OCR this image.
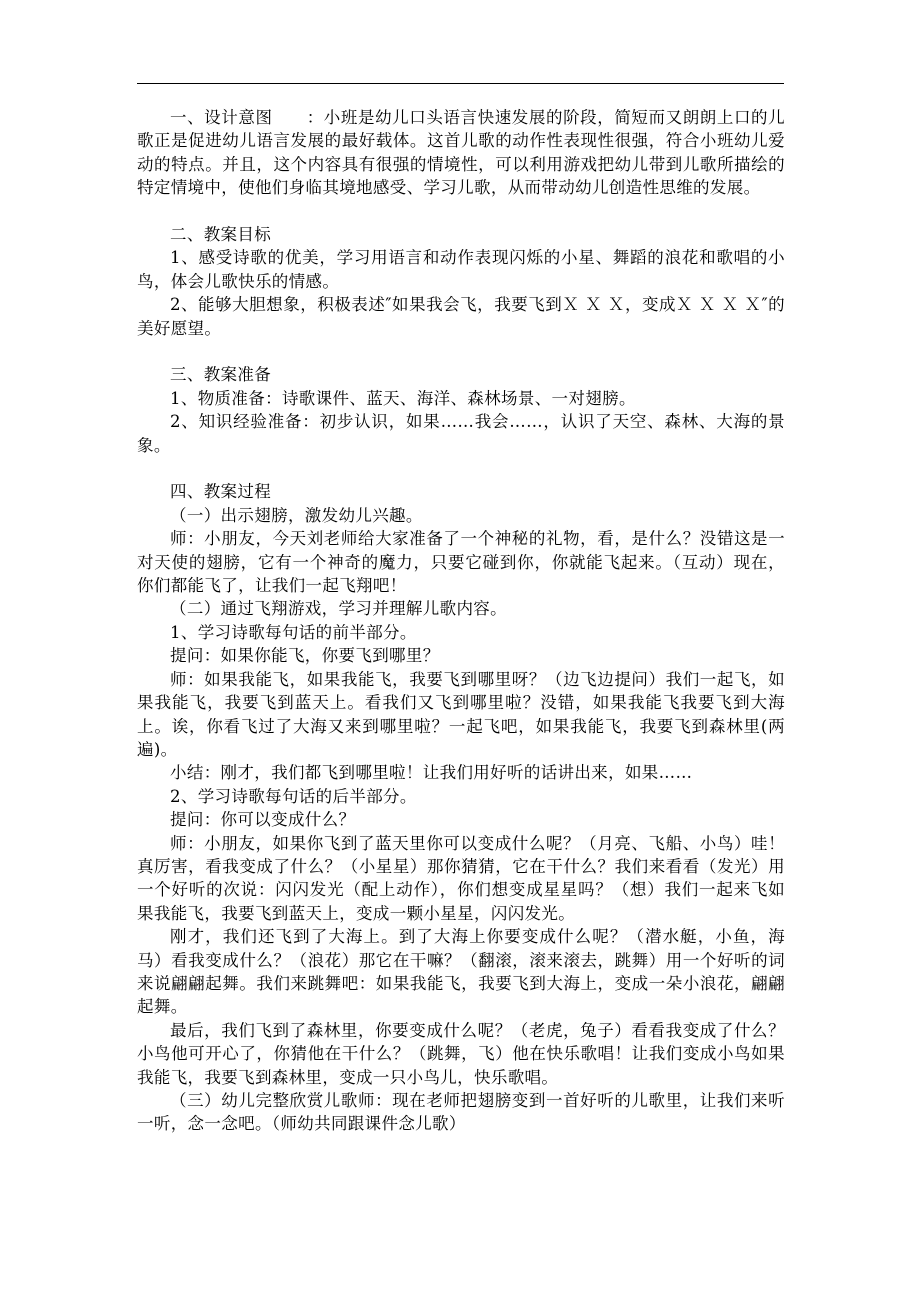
一、设计意图　　：小班是幼儿口头语言快速发展的阶段，简短而又朗朗上口的儿歌正是促进幼儿语言发展的最好载体。这首儿歌的动作性表现性很强，符合小班幼儿爱动的特点。并且，这个内容具有很强的情境性，可以利用游戏把幼儿带到儿歌所描绘的特定情境中，使他们身临其境地感受、学习儿歌，从而带动幼儿创造性思维的发展。

二、教案目标

1、感受诗歌的优美，学习用语言和动作表现闪烁的小星、舞蹈的浪花和歌唱的小鸟，体会儿歌快乐的情感。

2、能够大胆想象，积极表述″如果我会飞，我要飞到Ｘ Ｘ Ｘ，变成Ｘ Ｘ Ｘ Ｘ″的美好愿望。

三、教案准备

1、物质准备：诗歌课件、蓝天、海洋、森林场景、一对翅膀。

2、知识经验准备：初步认识，如果……我会……，认识了天空、森林、大海的景象。

四、教案过程

（一）出示翅膀，激发幼儿兴趣。

师：小朋友，今天刘老师给大家准备了一个神秘的礼物，看，是什么？没错这是一对天使的翅膀，它有一个神奇的魔力，只要它碰到你，你就能飞起来。（互动）现在，你们都能飞了，让我们一起飞翔吧！

（二）通过飞翔游戏，学习并理解儿歌内容。

1、学习诗歌每句话的前半部分。

提问：如果你能飞，你要飞到哪里？

师：如果我能飞，如果我能飞，我要飞到哪里呀？（边飞边提问）我们一起飞，如果我能飞，我要飞到蓝天上。看我们又飞到哪里啦？没错，如果我能飞我要飞到大海上。诶，你看飞过了大海又来到哪里啦？一起飞吧，如果我能飞，我要飞到森林里(两遍)。

小结：刚才，我们都飞到哪里啦！让我们用好听的话讲出来，如果……

2、学习诗歌每句话的后半部分。

提问：你可以变成什么？

师：小朋友，如果你飞到了蓝天里你可以变成什么呢？（月亮、飞船、小鸟）哇！真厉害，看我变成了什么？（小星星）那你猜猜，它在干什么？我们来看看（发光）用一个好听的次说：闪闪发光（配上动作），你们想变成星星吗？（想）我们一起来飞如果我能飞，我要飞到蓝天上，变成一颗小星星，闪闪发光。

刚才，我们还飞到了大海上。到了大海上你要变成什么呢？（潜水艇，小鱼，海马）看我变成什么？（浪花）那它在干嘛？（翻滚，滚来滚去，跳舞）用一个好听的词来说翩翩起舞。我们来跳舞吧：如果我能飞，我要飞到大海上，变成一朵小浪花，翩翩起舞。

最后，我们飞到了森林里，你要变成什么呢？（老虎，兔子）看看我变成了什么？小鸟他可开心了，你猜他在干什么？（跳舞，飞）他在快乐歌唱！让我们变成小鸟如果我能飞，我要飞到森林里，变成一只小鸟儿，快乐歌唱。

（三）幼儿完整欣赏儿歌师：现在老师把翅膀变到一首好听的儿歌里，让我们来听一听，念一念吧。（师幼共同跟课件念儿歌）
